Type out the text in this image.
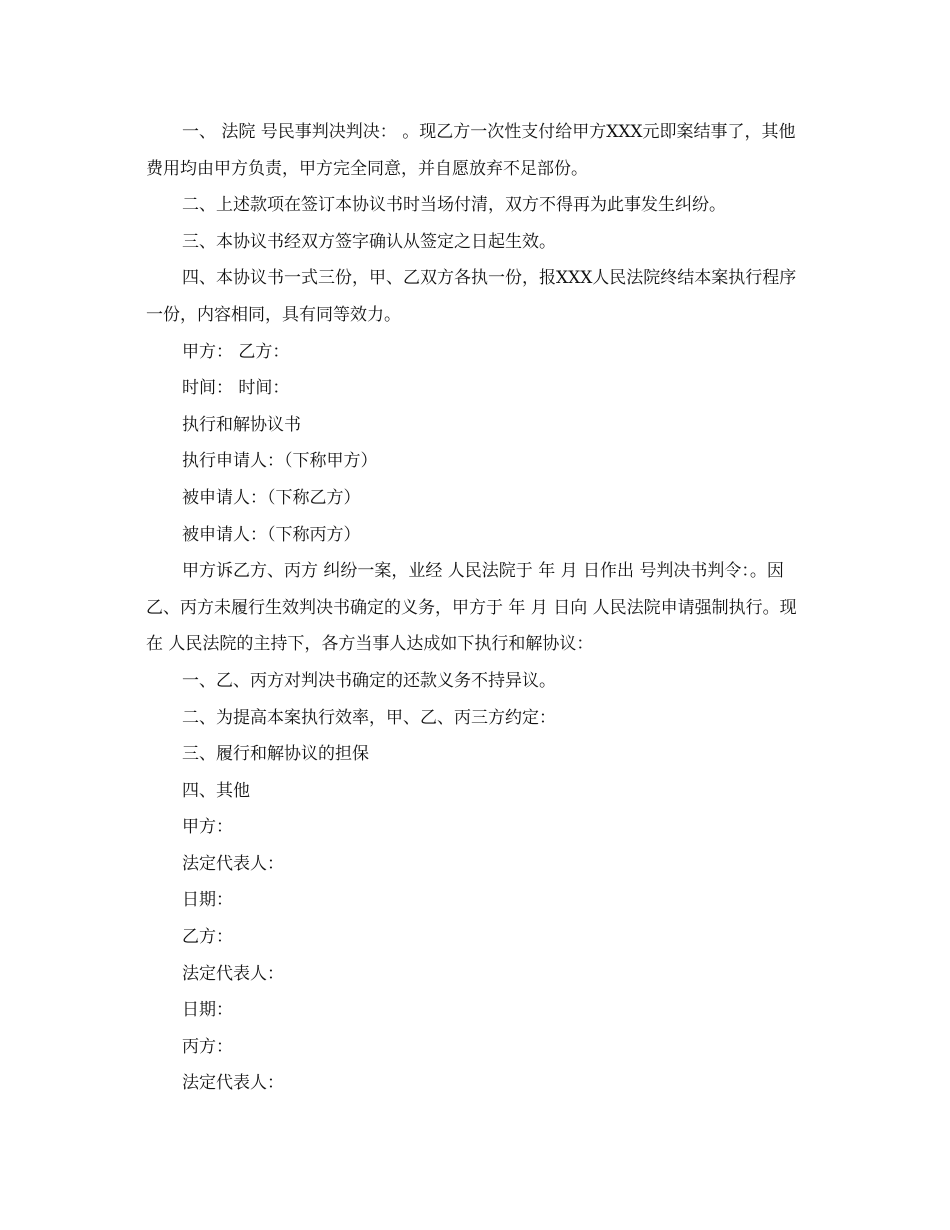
一、 法院 号民事判决判决： 。现乙方一次性支付给甲方XXX元即案结事了，其他费用均由甲方负责，甲方完全同意，并自愿放弃不足部份。

二、上述款项在签订本协议书时当场付清，双方不得再为此事发生纠纷。

三、本协议书经双方签字确认从签定之日起生效。

四、本协议书一式三份，甲、乙双方各执一份，报XXX人民法院终结本案执行程序一份，内容相同，具有同等效力。

甲方： 乙方：

时间： 时间：

执行和解协议书

执行申请人：（下称甲方）

被申请人：（下称乙方）

被申请人：（下称丙方）

甲方诉乙方、丙方 纠纷一案，业经 人民法院于 年 月 日作出 号判决书判令：。因乙、丙方未履行生效判决书确定的义务，甲方于 年 月 日向 人民法院申请强制执行。现在 人民法院的主持下，各方当事人达成如下执行和解协议：

一、乙、丙方对判决书确定的还款义务不持异议。

二、为提高本案执行效率，甲、乙、丙三方约定：

三、履行和解协议的担保

四、其他

甲方：

法定代表人：

日期：

乙方：

法定代表人：

日期：

丙方：

法定代表人：
